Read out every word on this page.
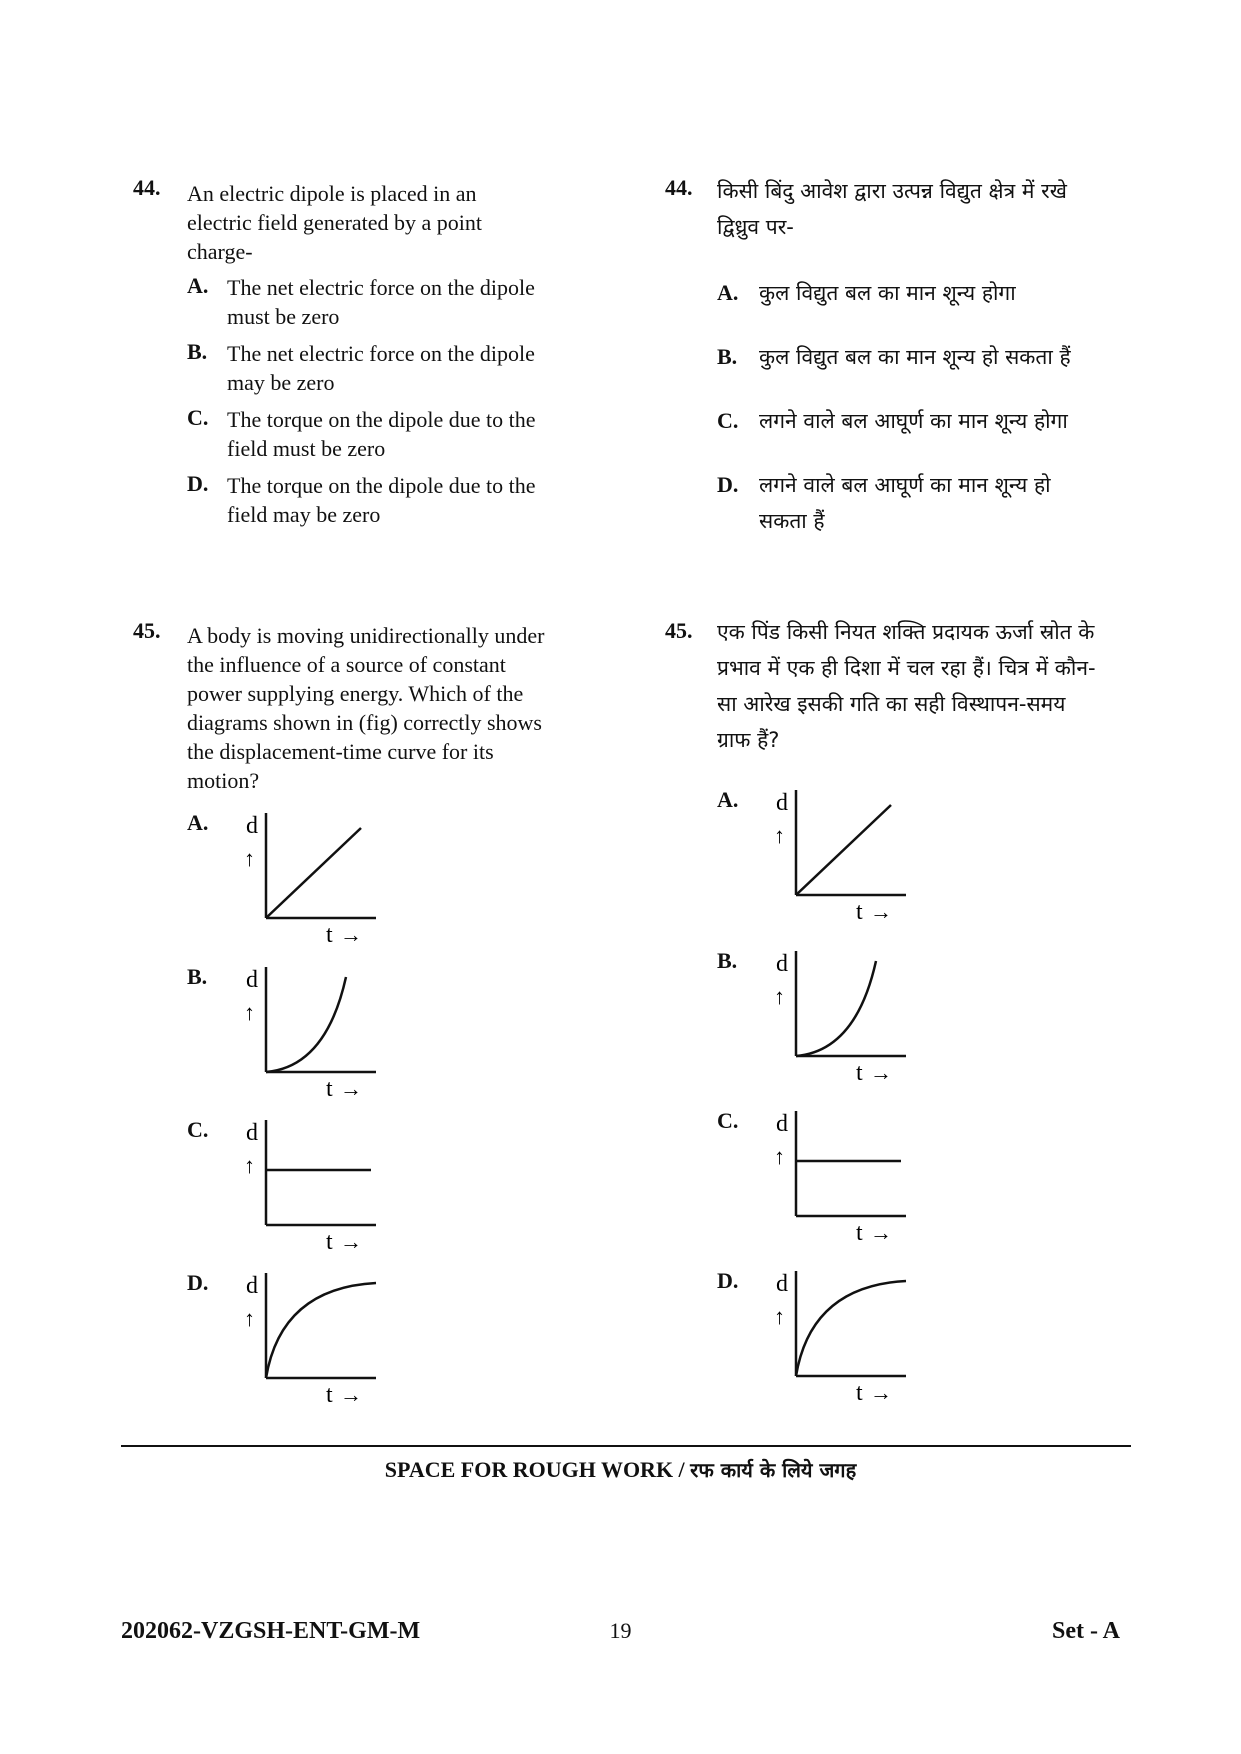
44. An electric dipole is placed in an
electric field generated by a point
charge-
A. The net electric force on the dipole
must be zero
B. The net electric force on the dipole
may be zero
C. The torque on the dipole due to the
field must be zero
D. The torque on the dipole due to the
field may be zero
44. किसी बिंदु आवेश द्वारा उत्पन्न विद्युत क्षेत्र में रखे
द्विध्रुव पर-
A. कुल विद्युत बल का मान शून्य होगा
B. कुल विद्युत बल का मान शून्य हो सकता हैं
C. लगने वाले बल आघूर्ण का मान शून्य होगा
D. लगने वाले बल आघूर्ण का मान शून्य हो
सकता हैं
45. A body is moving unidirectionally under
the influence of a source of constant
power supplying energy. Which of the
diagrams shown in (fig) correctly shows
the displacement-time curve for its
motion?
45. एक पिंड किसी नियत शक्ति प्रदायक ऊर्जा स्रोत के
प्रभाव में एक ही दिशा में चल रहा हैं। चित्र में कौन-
सा आरेख इसकी गति का सही विस्थापन-समय
ग्राफ हैं?
A. d
↑
t →
B. d
↑
t →
C. d
↑
t →
D. d
↑
t →
A. d
↑
t →
B. d
↑
t →
C. d
↑
t →
D. d
↑
t →
SPACE FOR ROUGH WORK / रफ कार्य के लिये जगह
202062-VZGSH-ENT-GM-M	19	Set - A
